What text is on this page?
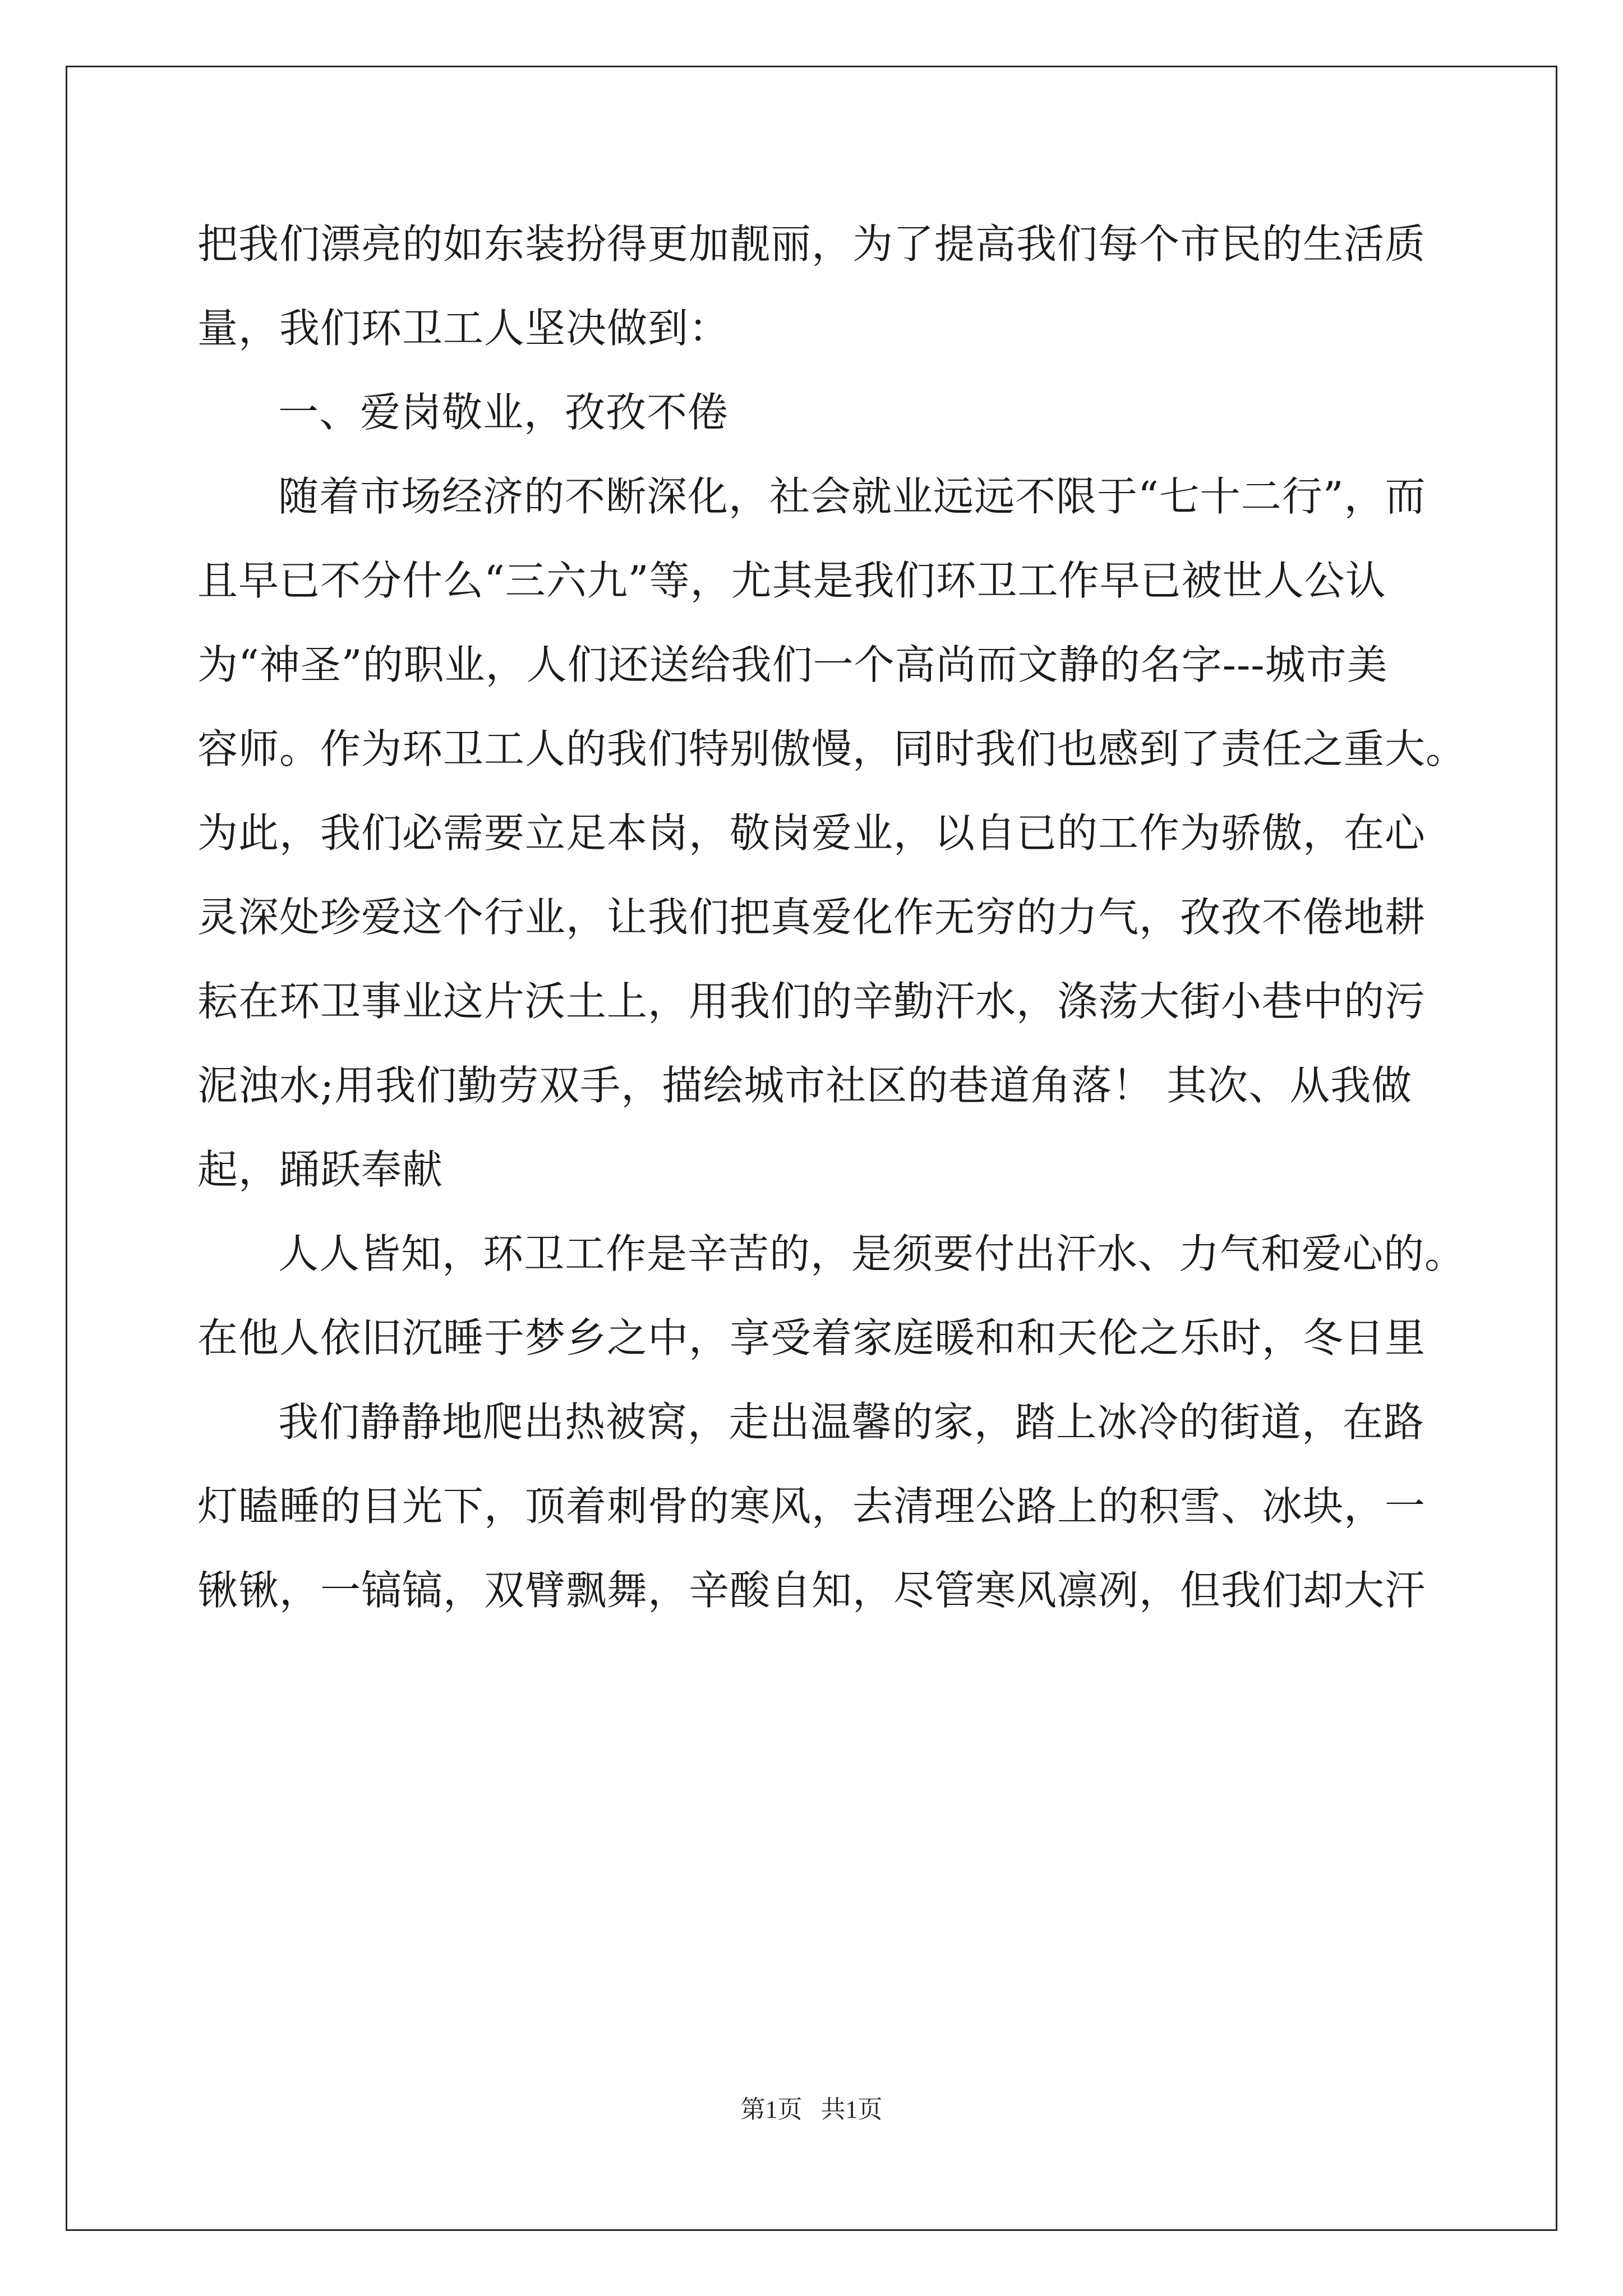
把我们漂亮的如东装扮得更加靓丽，为了提高我们每个市民的生活质
量，我们环卫工人坚决做到：
一、爱岗敬业，孜孜不倦
随着市场经济的不断深化，社会就业远远不限于“七十二行”，而
且早已不分什么“三六九”等，尤其是我们环卫工作早已被世人公认
为“神圣”的职业，人们还送给我们一个高尚而文静的名字---城市美
容师。作为环卫工人的我们特别傲慢，同时我们也感到了责任之重大。
为此，我们必需要立足本岗，敬岗爱业，以自已的工作为骄傲，在心
灵深处珍爱这个行业，让我们把真爱化作无穷的力气，孜孜不倦地耕
耘在环卫事业这片沃土上，用我们的辛勤汗水，涤荡大街小巷中的污
泥浊水;用我们勤劳双手，描绘城市社区的巷道角落！ 其次、从我做
起，踊跃奉献
人人皆知，环卫工作是辛苦的，是须要付出汗水、力气和爱心的。
在他人依旧沉睡于梦乡之中，享受着家庭暖和和天伦之乐时，冬日里
我们静静地爬出热被窝，走出温馨的家，踏上冰冷的街道，在路
灯瞌睡的目光下，顶着刺骨的寒风，去清理公路上的积雪、冰块，一
锹锹，一镐镐，双臂飘舞，辛酸自知，尽管寒风凛冽，但我们却大汗
第1页   共1页
